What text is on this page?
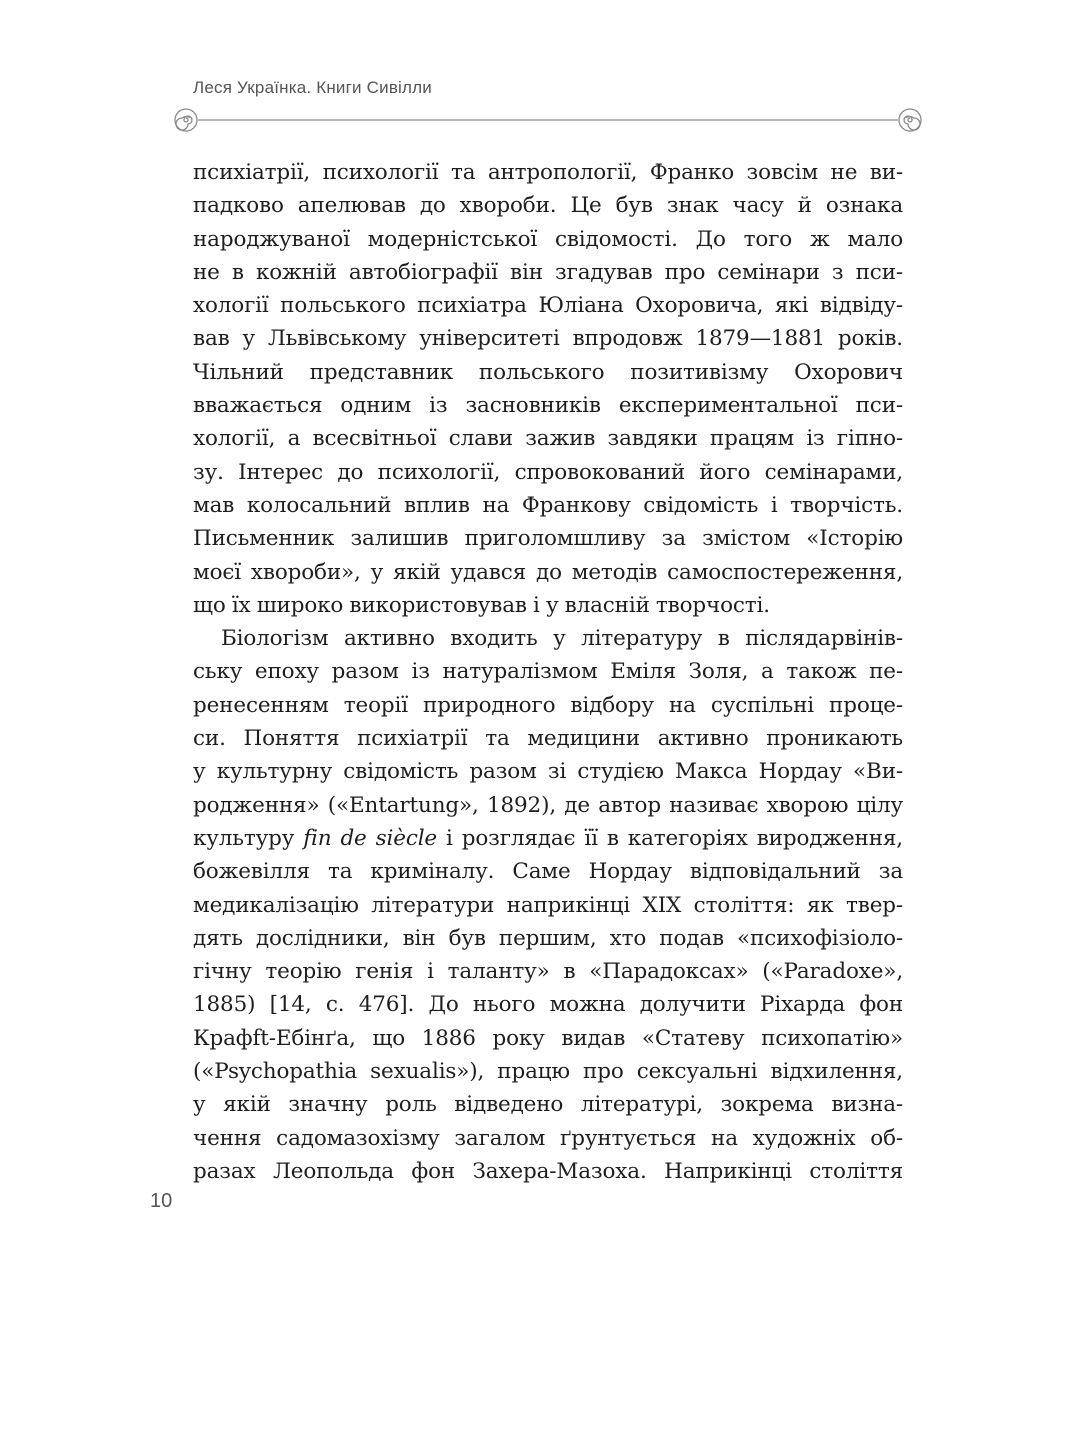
Леся Українка. Книги Сивілли
психіатрії, психології та антропології, Франко зовсім не ви-
падково апелював до хвороби. Це був знак часу й ознака
народжуваної модерністської свідомості. До того ж мало
не в кожній автобіографії він згадував про семінари з пси-
хології польського психіатра Юліана Охоровича, які відвіду-
вав у Львівському університеті впродовж 1879—1881 років.
Чільний представник польського позитивізму Охорович
вважається одним із засновників експериментальної пси-
хології, а всесвітньої слави зажив завдяки працям із гіпно-
зу. Інтерес до психології, спровокований його семінарами,
мав колосальний вплив на Франкову свідомість і творчість.
Письменник залишив приголомшливу за змістом «Історію
моєї хвороби», у якій удався до методів самоспостереження,
що їх широко використовував і у власній творчості.
Біологізм активно входить у літературу в післядарвінів-
ську епоху разом із натуралізмом Еміля Золя, а також пе-
ренесенням теорії природного відбору на суспільні проце-
си. Поняття психіатрії та медицини активно проникають
у культурну свідомість разом зі студією Макса Нордау «Ви-
родження» («Entartung», 1892), де автор називає хворою цілу
культуру fin de siècle і розглядає її в категоріях виродження,
божевілля та криміналу. Саме Нордау відповідальний за
медикалізацію літератури наприкінці ХІХ століття: як твер-
дять дослідники, він був першим, хто подав «психофізіоло-
гічну теорію генія і таланту» в «Парадоксах» («Paradoxe»,
1885) [14, с. 476]. До нього можна долучити Ріхарда фон
Крафft-Ебінґа, що 1886 року видав «Статеву психопатію»
(«Psychopathia sexualis»), працю про сексуальні відхилення,
у якій значну роль відведено літературі, зокрема визна-
чення садомазохізму загалом ґрунтується на художніх об-
разах Леопольда фон Захера-Мазоха. Наприкінці століття
10
